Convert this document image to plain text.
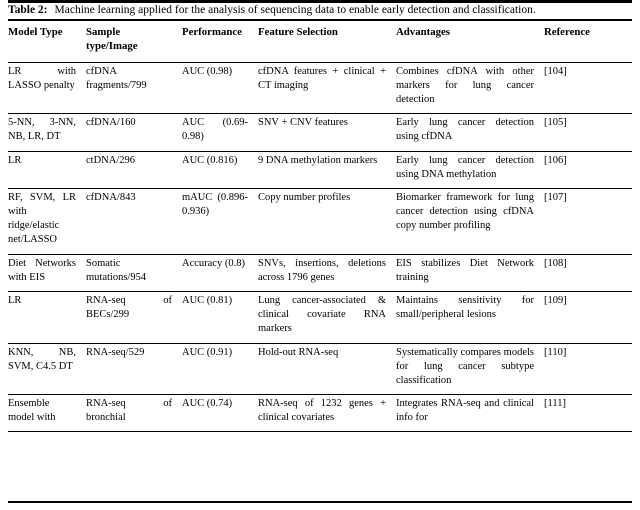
Table 2: Machine learning applied for the analysis of sequencing data to enable early detection and classification.
Model Type	Sample type/Image	Performance	Feature Selection	Advantages	Reference
LR with LASSO penalty	cfDNA fragments/799	AUC (0.98)	cfDNA features + clinical + CT imaging	Combines cfDNA with other markers for lung cancer detection	[104]
5-NN, 3-NN, NB, LR, DT	cfDNA/160	AUC (0.69-0.98)	SNV + CNV features	Early lung cancer detection using cfDNA	[105]
LR	ctDNA/296	AUC (0.816)	9 DNA methylation markers	Early lung cancer detection using DNA methylation	[106]
RF, SVM, LR with ridge/elastic net/LASSO	cfDNA/843	mAUC (0.896-0.936)	Copy number profiles	Biomarker framework for lung cancer detection using cfDNA copy number profiling	[107]
Diet Networks with EIS	Somatic mutations/954	Accuracy (0.8)	SNVs, insertions, deletions across 1796 genes	EIS stabilizes Diet Network training	[108]
LR	RNA-seq of BECs/299	AUC (0.81)	Lung cancer-associated & clinical covariate RNA markers	Maintains sensitivity for small/peripheral lesions	[109]
KNN, NB, SVM, C4.5 DT	RNA-seq/529	AUC (0.91)	Hold-out RNA-seq	Systematically compares models for lung cancer subtype classification	[110]
Ensemble model with	RNA-seq of bronchial	AUC (0.74)	RNA-seq of 1232 genes + clinical covariates	Integrates RNA-seq and clinical info for	[111]
